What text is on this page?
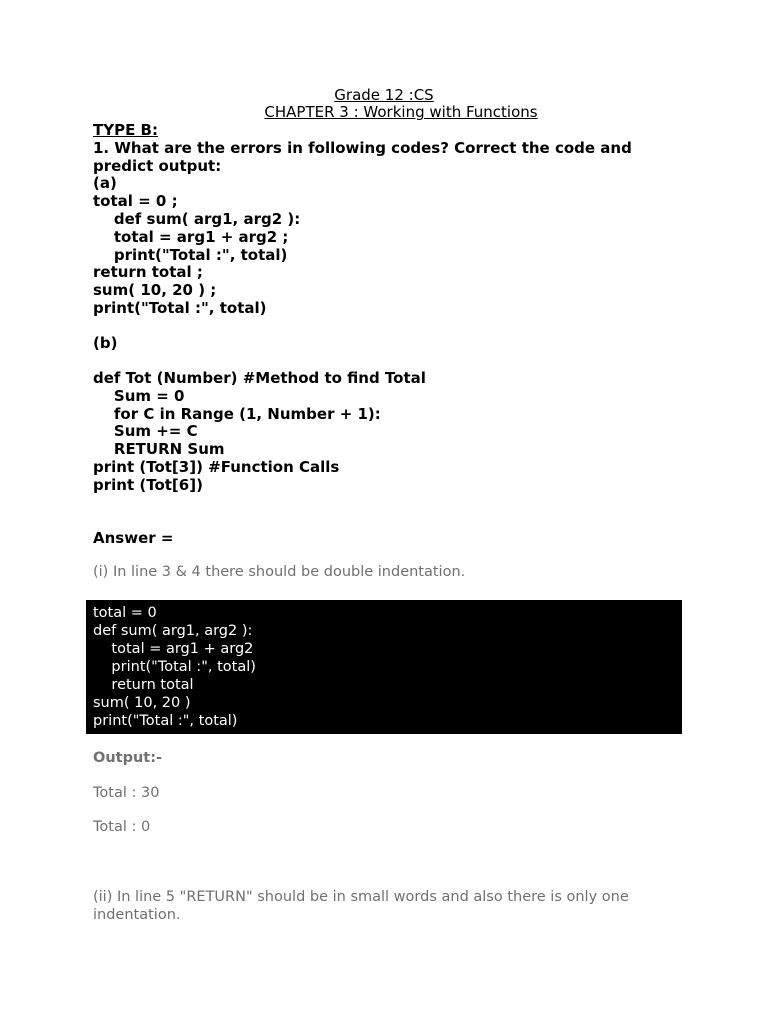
Grade 12 :CS
CHAPTER 3 : Working with Functions
TYPE B:
1. What are the errors in following codes? Correct the code and
predict output:
(a)
total = 0 ;
def sum( arg1, arg2 ):
total = arg1 + arg2 ;
print("Total :", total)
return total ;
sum( 10, 20 ) ;
print("Total :", total)
(b)
def Tot (Number) #Method to find Total
Sum = 0
for C in Range (1, Number + 1):
Sum += C
RETURN Sum
print (Tot[3]) #Function Calls
print (Tot[6])
Answer =
(i) In line 3 & 4 there should be double indentation.
total = 0
def sum( arg1, arg2 ):
total = arg1 + arg2
print("Total :", total)
return total
sum( 10, 20 )
print("Total :", total)
Output:-
Total : 30
Total : 0
(ii) In line 5 "RETURN" should be in small words and also there is only one indentation.
